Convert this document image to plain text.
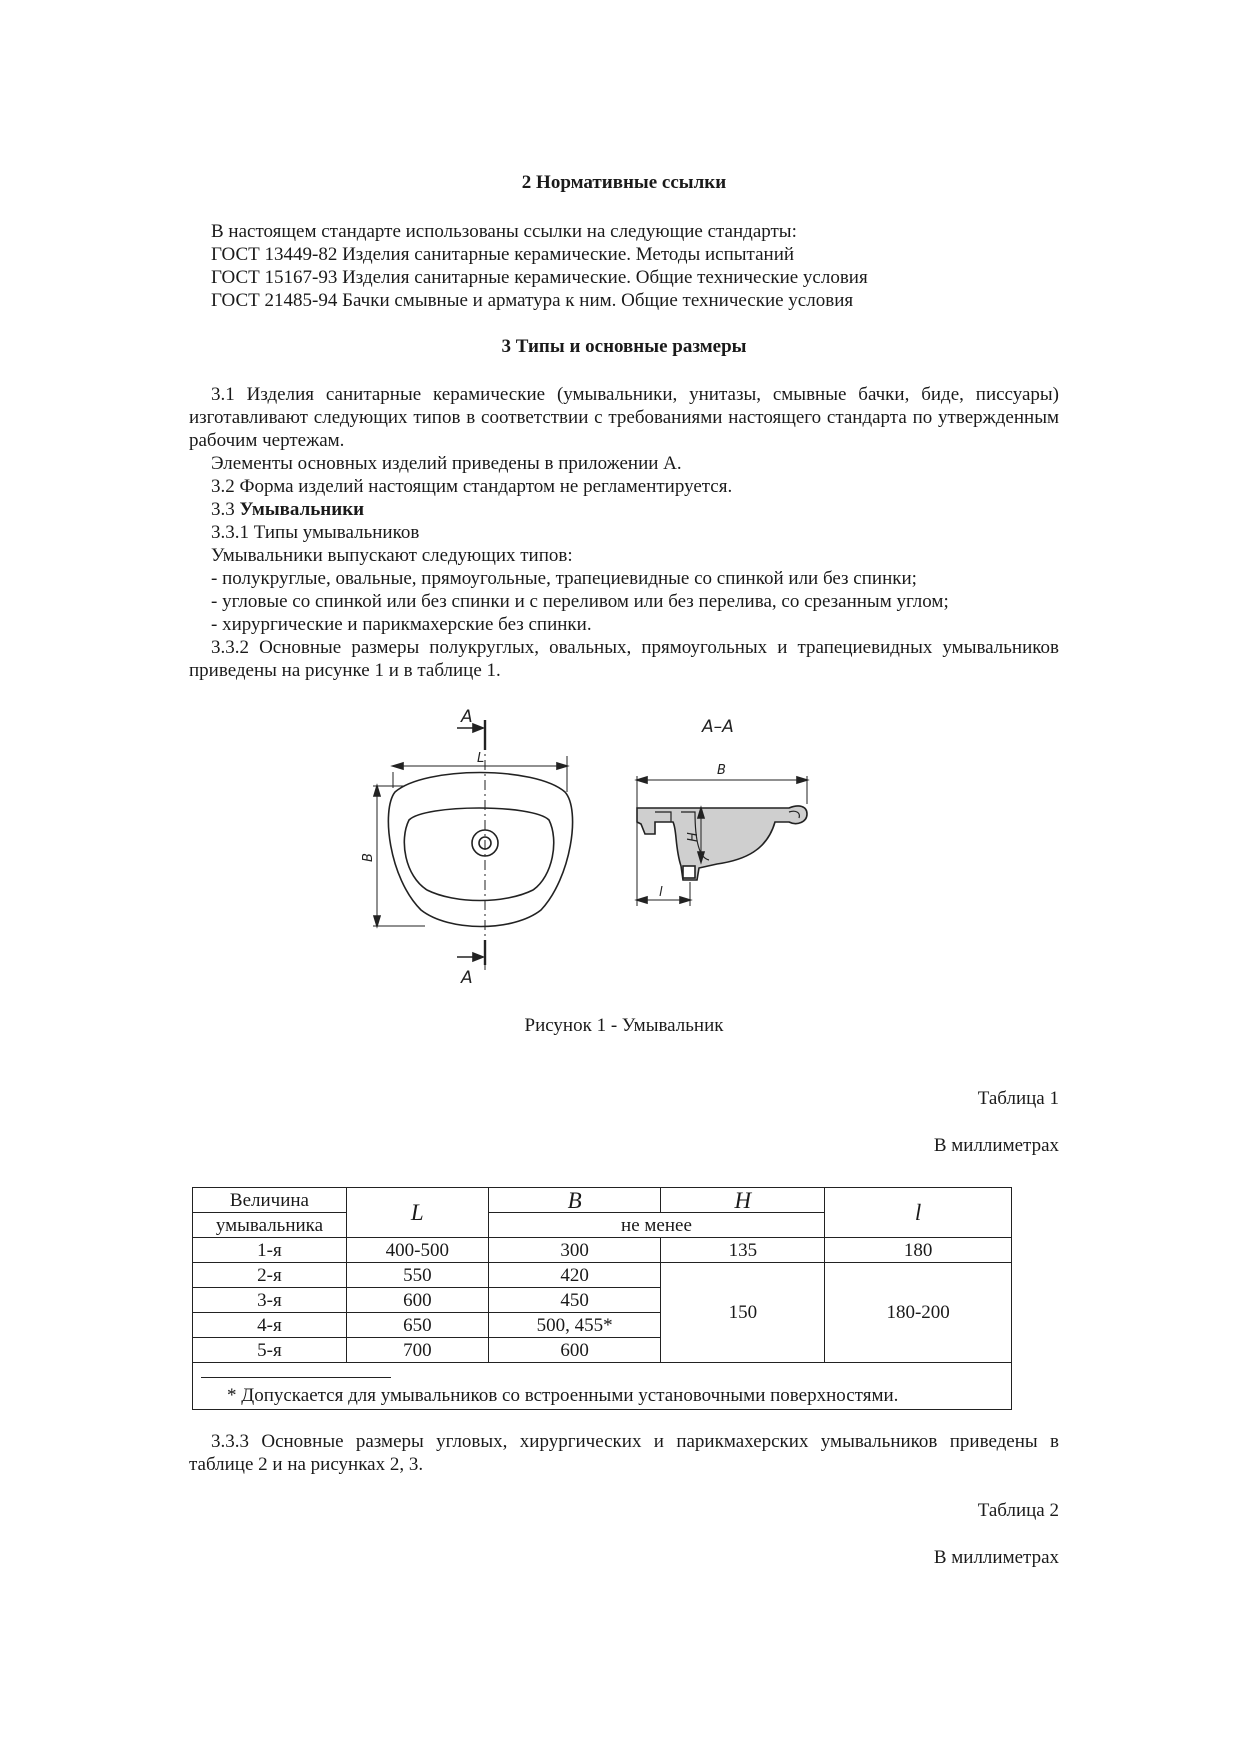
2 Нормативные ссылки
В настоящем стандарте использованы ссылки на следующие стандарты:
ГОСТ 13449-82 Изделия санитарные керамические. Методы испытаний
ГОСТ 15167-93 Изделия санитарные керамические. Общие технические условия
ГОСТ 21485-94 Бачки смывные и арматура к ним. Общие технические условия
3 Типы и основные размеры
3.1 Изделия санитарные керамические (умывальники, унитазы, смывные бачки, биде, писсуары) изготавливают следующих типов в соответствии с требованиями настоящего стандарта по утвержденным рабочим чертежам.
Элементы основных изделий приведены в приложении А.
3.2 Форма изделий настоящим стандартом не регламентируется.
3.3 Умывальники
3.3.1 Типы умывальников
Умывальники выпускают следующих типов:
- полукруглые, овальные, прямоугольные, трапециевидные со спинкой или без спинки;
- угловые со спинкой или без спинки и с переливом или без перелива, со срезанным углом;
- хирургические и парикмахерские без спинки.
3.3.2 Основные размеры полукруглых, овальных, прямоугольных и трапециевидных умывальников приведены на рисунке 1 и в таблице 1.
А
А
L
В
А–А
В
Н
l
Рисунок 1 - Умывальник
Таблица 1
В миллиметрах
Величина	L	B	H	l
умывальника		не менее		
1-я	400-500	300	135	180
2-я	550	420	150	180-200
3-я	600	450		
4-я	650	500, 455*		
5-я	700	600		

* Допускается для умывальников со встроенными установочными поверхностями.				
3.3.3 Основные размеры угловых, хирургических и парикмахерских умывальников приведены в таблице 2 и на рисунках 2, 3.
Таблица 2
В миллиметрах
